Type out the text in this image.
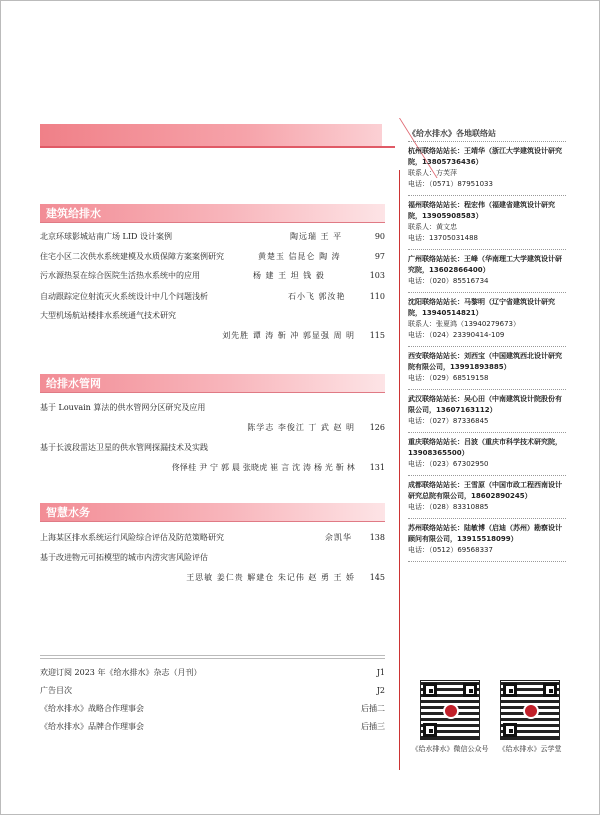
建筑给排水
北京环球影城站南广场 LID 设计案例	陶远瑞 王 平	90
住宅小区二次供水系统建模及水质保障方案案例研究	黄楚玉 信昆仑 陶 涛	97
污水源热泵在综合医院生活热水系统中的应用	杨 建 王 坦 钱 毅	103
自动跟踪定位射流灭火系统设计中几个问题浅析	石小飞 郭汝艳	110
大型机场航站楼排水系统通气技术研究
刘先胜 谭 涛 靳 冲 郭显强 周 明	115
给排水管网
基于 Louvain 算法的供水管网分区研究及应用
陈学志 李俊江 丁 武 赵 明	126
基于长波段雷达卫星的供水管网探漏技术及实践
佟怿桂 尹 宁 郭 晨 张晓虎 崔 言 沈 涛 杨 光 靳 林	131
智慧水务
上海某区排水系统运行风险综合评估及防范策略研究	佘凯华	138
基于改进物元可拓模型的城市内涝灾害风险评估
王思敏 姜仁贵 解建仓 朱记伟 赵 勇 王 娇	145
欢迎订阅 2023 年《给水排水》杂志（月刊）	J1
广告目次	J2
《给水排水》战略合作理事会	后插二
《给水排水》品牌合作理事会	后插三
《给水排水》各地联络站
杭州联络站站长：王靖华（浙江大学建筑设计研究院，13805736436）
联系人：方芙萍
电话：（0571）87951033
福州联络站站长：程宏伟（福建省建筑设计研究院，13905908583）
联系人：黄文忠
电话：13705031488
广州联络站站长：王峰（华南理工大学建筑设计研究院，13602866400）
电话：（020）85516734
沈阳联络站站长：马黎明（辽宁省建筑设计研究院，13940514821）
联系人：张夏鸿（13940279673）
电话：（024）23390414-109
西安联络站站长：刘西宝（中国建筑西北设计研究院有限公司，13991893885）
电话：（029）68519158
武汉联络站站长：吴心田（中南建筑设计院股份有限公司，13607163112）
电话：（027）87336845
重庆联络站站长：吕波（重庆市科学技术研究院，13908365500）
电话：（023）67302950
成都联络站站长：王雪原（中国市政工程西南设计研究总院有限公司，18602890245）
电话：（028）83310885
苏州联络站站长：陆敏博（启迪（苏州）勘察设计顾问有限公司，13915518099）
电话：（0512）69568337
《给水排水》微信公众号	《给水排水》云学堂
